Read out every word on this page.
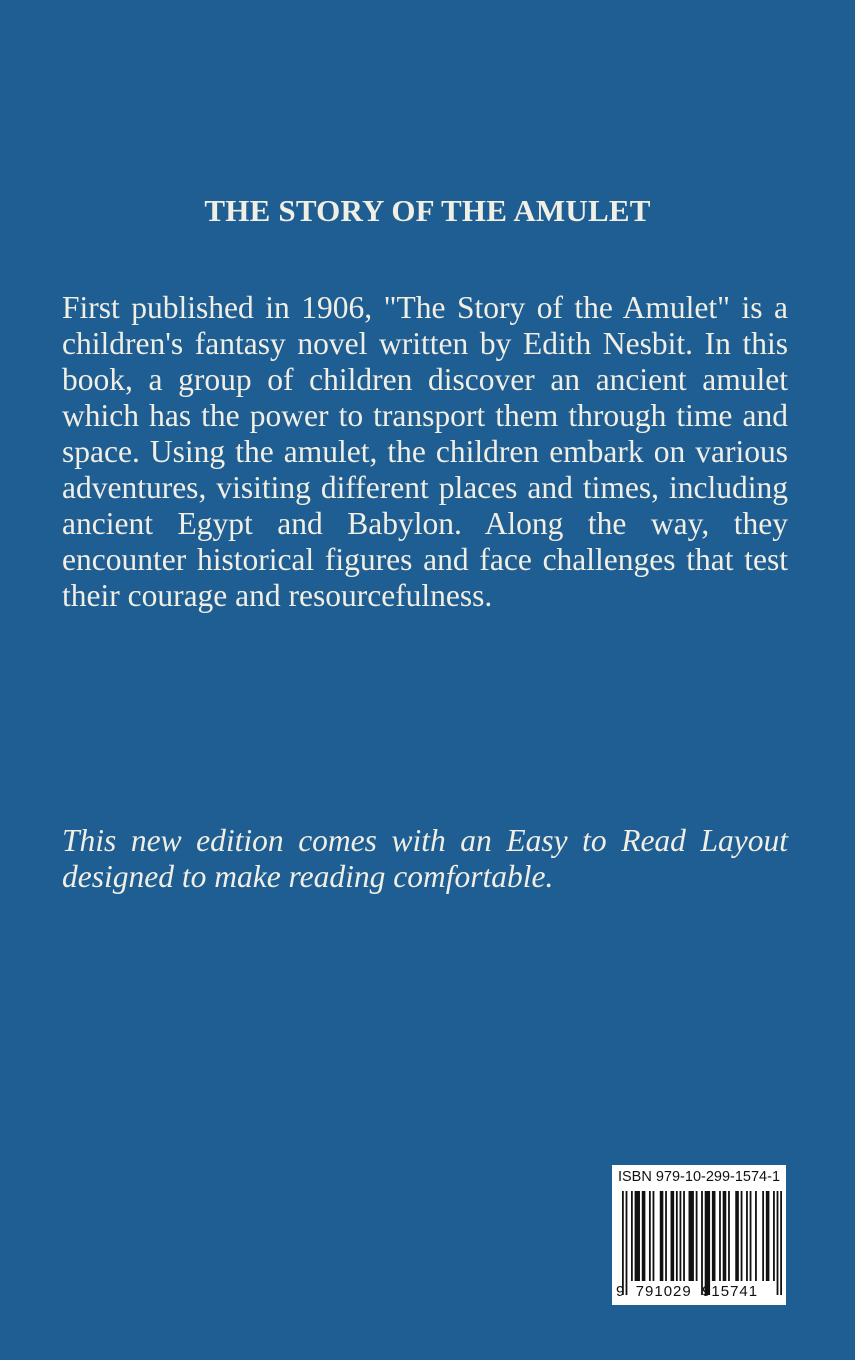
THE STORY OF THE AMULET
First published in 1906, "The Story of the Amulet" is a children's fantasy novel written by Edith Nesbit. In this book, a group of children discover an ancient amulet which has the power to transport them through time and space. Using the amulet, the children embark on various adventures, visiting different places and times, including ancient Egypt and Babylon. Along the way, they encounter historical figures and face challenges that test their courage and resourcefulness.
This new edition comes with an Easy to Read Layout designed to make reading comfortable.
ISBN 979-10-299-1574-1
9  791029  915741
